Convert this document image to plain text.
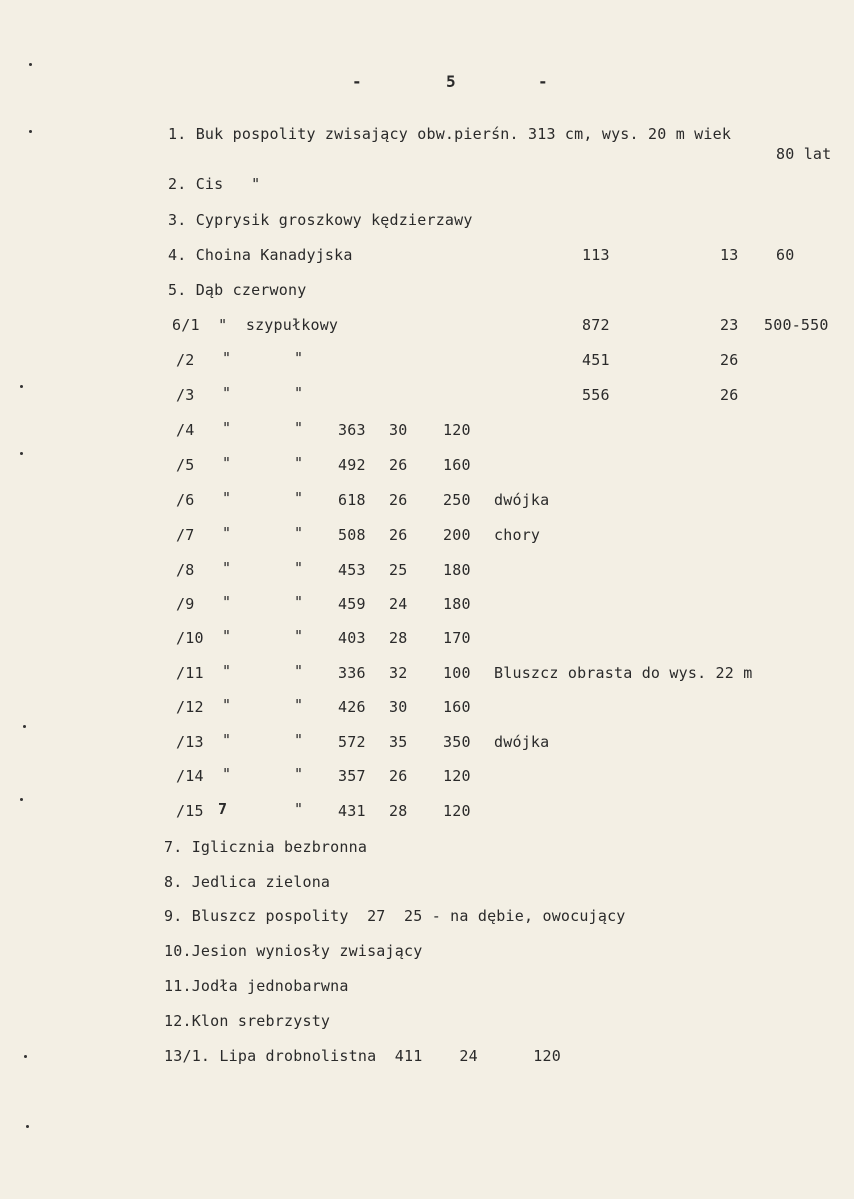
-	5	-
1. Buk pospolity zwisający obw.pierśn. 313 cm, wys. 20 m wiek
80 lat
2. Cis   "
3. Cyprysik groszkowy kędzierzawy
4. Choina Kanadyjska	113	13	60
5. Dąb czerwony
6/1  "  szypułkowy	872	23 500-550
/2 "	"	451	26
/3 "	"	556	26
/4 "	" 363 30 120
/5 "	" 492 26 160
/6 "	" 618 26 250 dwójka
/7 "	" 508 26 200 chory
/8 "	" 453 25 180
/9 "	" 459 24 180
/10 "	" 403 28 170
/11 "	" 336 32 100 Bluszcz obrasta do wys. 22 m
/12 "	" 426 30 160
/13 "	" 572 35 350 dwójka
/14 "	" 357 26 120
/15 7	" 431 28 120
7. Iglicznia bezbronna
8. Jedlica zielona
9. Bluszcz pospolity  27  25 - na dębie, owocujący
10.Jesion wyniosły zwisający
11.Jodła jednobarwna
12.Klon srebrzysty
13/1. Lipa drobnolistna  411    24      120
